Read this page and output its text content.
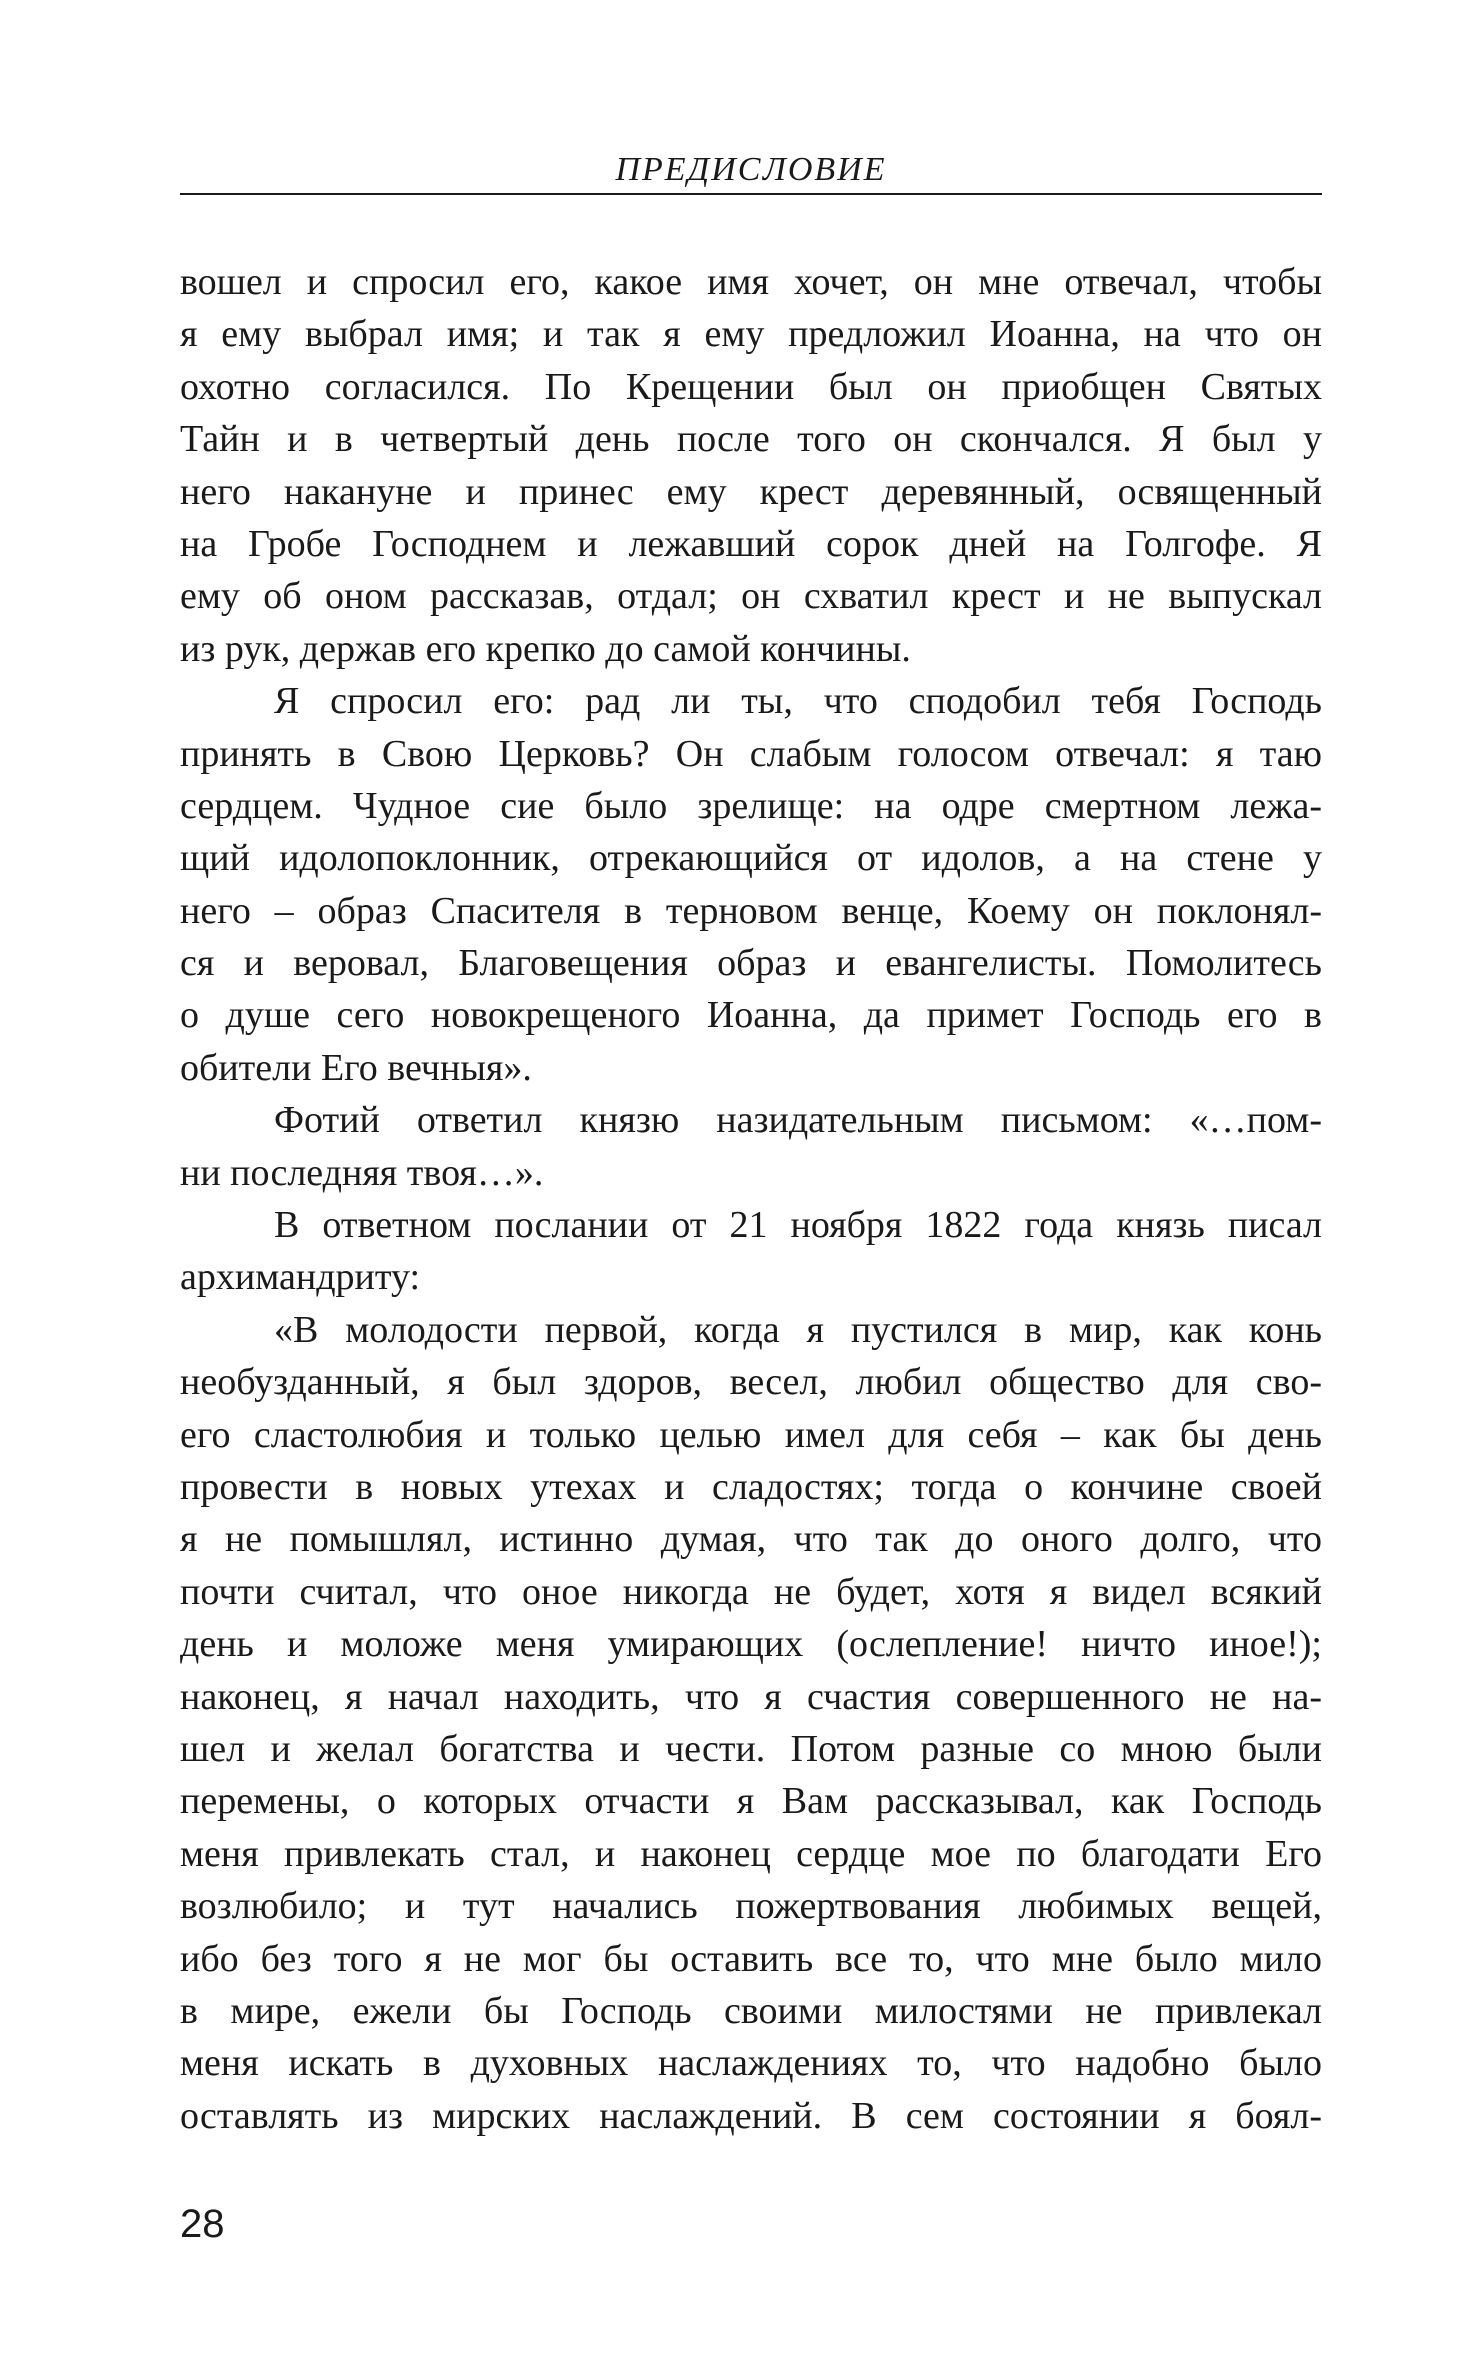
ПРЕДИСЛОВИЕ
вошел и спросил его, какое имя хочет, он мне отвечал, чтобы
я ему выбрал имя; и так я ему предложил Иоанна, на что он
охотно согласился. По Крещении был он приобщен Святых
Тайн и в четвертый день после того он скончался. Я был у
него накануне и принес ему крест деревянный, освященный
на Гробе Господнем и лежавший сорок дней на Голгофе. Я
ему об оном рассказав, отдал; он схватил крест и не выпускал
из рук, держав его крепко до самой кончины.
Я спросил его: рад ли ты, что сподобил тебя Господь
принять в Свою Церковь? Он слабым голосом отвечал: я таю
сердцем. Чудное сие было зрелище: на одре смертном лежа-
щий идолопоклонник, отрекающийся от идолов, а на стене у
него – образ Спасителя в терновом венце, Коему он поклонял-
ся и веровал, Благовещения образ и евангелисты. Помолитесь
о душе сего новокрещеного Иоанна, да примет Господь его в
обители Его вечныя».
Фотий ответил князю назидательным письмом: «…пом-
ни последняя твоя…».
В ответном послании от 21 ноября 1822 года князь писал
архимандриту:
«В молодости первой, когда я пустился в мир, как конь
необузданный, я был здоров, весел, любил общество для сво-
его сластолюбия и только целью имел для себя – как бы день
провести в новых утехах и сладостях; тогда о кончине своей
я не помышлял, истинно думая, что так до оного долго, что
почти считал, что оное никогда не будет, хотя я видел всякий
день и моложе меня умирающих (ослепление! ничто иное!);
наконец, я начал находить, что я счастия совершенного не на-
шел и желал богатства и чести. Потом разные со мною были
перемены, о которых отчасти я Вам рассказывал, как Господь
меня привлекать стал, и наконец сердце мое по благодати Его
возлюбило; и тут начались пожертвования любимых вещей,
ибо без того я не мог бы оставить все то, что мне было мило
в мире, ежели бы Господь своими милостями не привлекал
меня искать в духовных наслаждениях то, что надобно было
оставлять из мирских наслаждений. В сем состоянии я боял-
28
